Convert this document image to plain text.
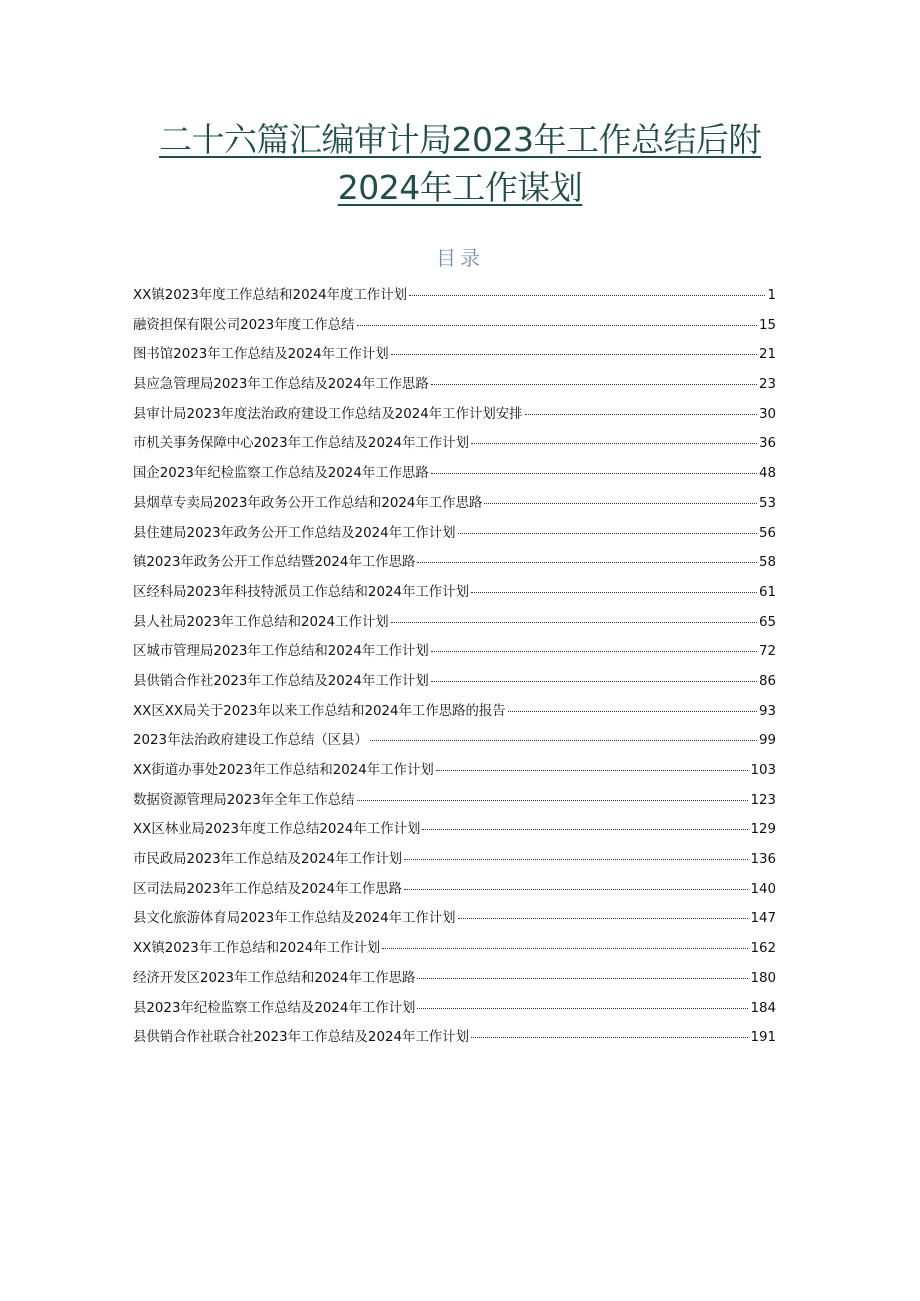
二十六篇汇编审计局2023年工作总结后附
2024年工作谋划
目录
XX镇2023年度工作总结和2024年度工作计划	1
融资担保有限公司2023年度工作总结	15
图书馆2023年工作总结及2024年工作计划	21
县应急管理局2023年工作总结及2024年工作思路	23
县审计局2023年度法治政府建设工作总结及2024年工作计划安排	30
市机关事务保障中心2023年工作总结及2024年工作计划	36
国企2023年纪检监察工作总结及2024年工作思路	48
县烟草专卖局2023年政务公开工作总结和2024年工作思路	53
县住建局2023年政务公开工作总结及2024年工作计划	56
镇2023年政务公开工作总结暨2024年工作思路	58
区经科局2023年科技特派员工作总结和2024年工作计划	61
县人社局2023年工作总结和2024工作计划	65
区城市管理局2023年工作总结和2024年工作计划	72
县供销合作社2023年工作总结及2024年工作计划	86
XX区XX局关于2023年以来工作总结和2024年工作思路的报告	93
2023年法治政府建设工作总结（区县）	99
XX街道办事处2023年工作总结和2024年工作计划	103
数据资源管理局2023年全年工作总结	123
XX区林业局2023年度工作总结2024年工作计划	129
市民政局2023年工作总结及2024年工作计划	136
区司法局2023年工作总结及2024年工作思路	140
县文化旅游体育局2023年工作总结及2024年工作计划	147
XX镇2023年工作总结和2024年工作计划	162
经济开发区2023年工作总结和2024年工作思路	180
县2023年纪检监察工作总结及2024年工作计划	184
县供销合作社联合社2023年工作总结及2024年工作计划	191
